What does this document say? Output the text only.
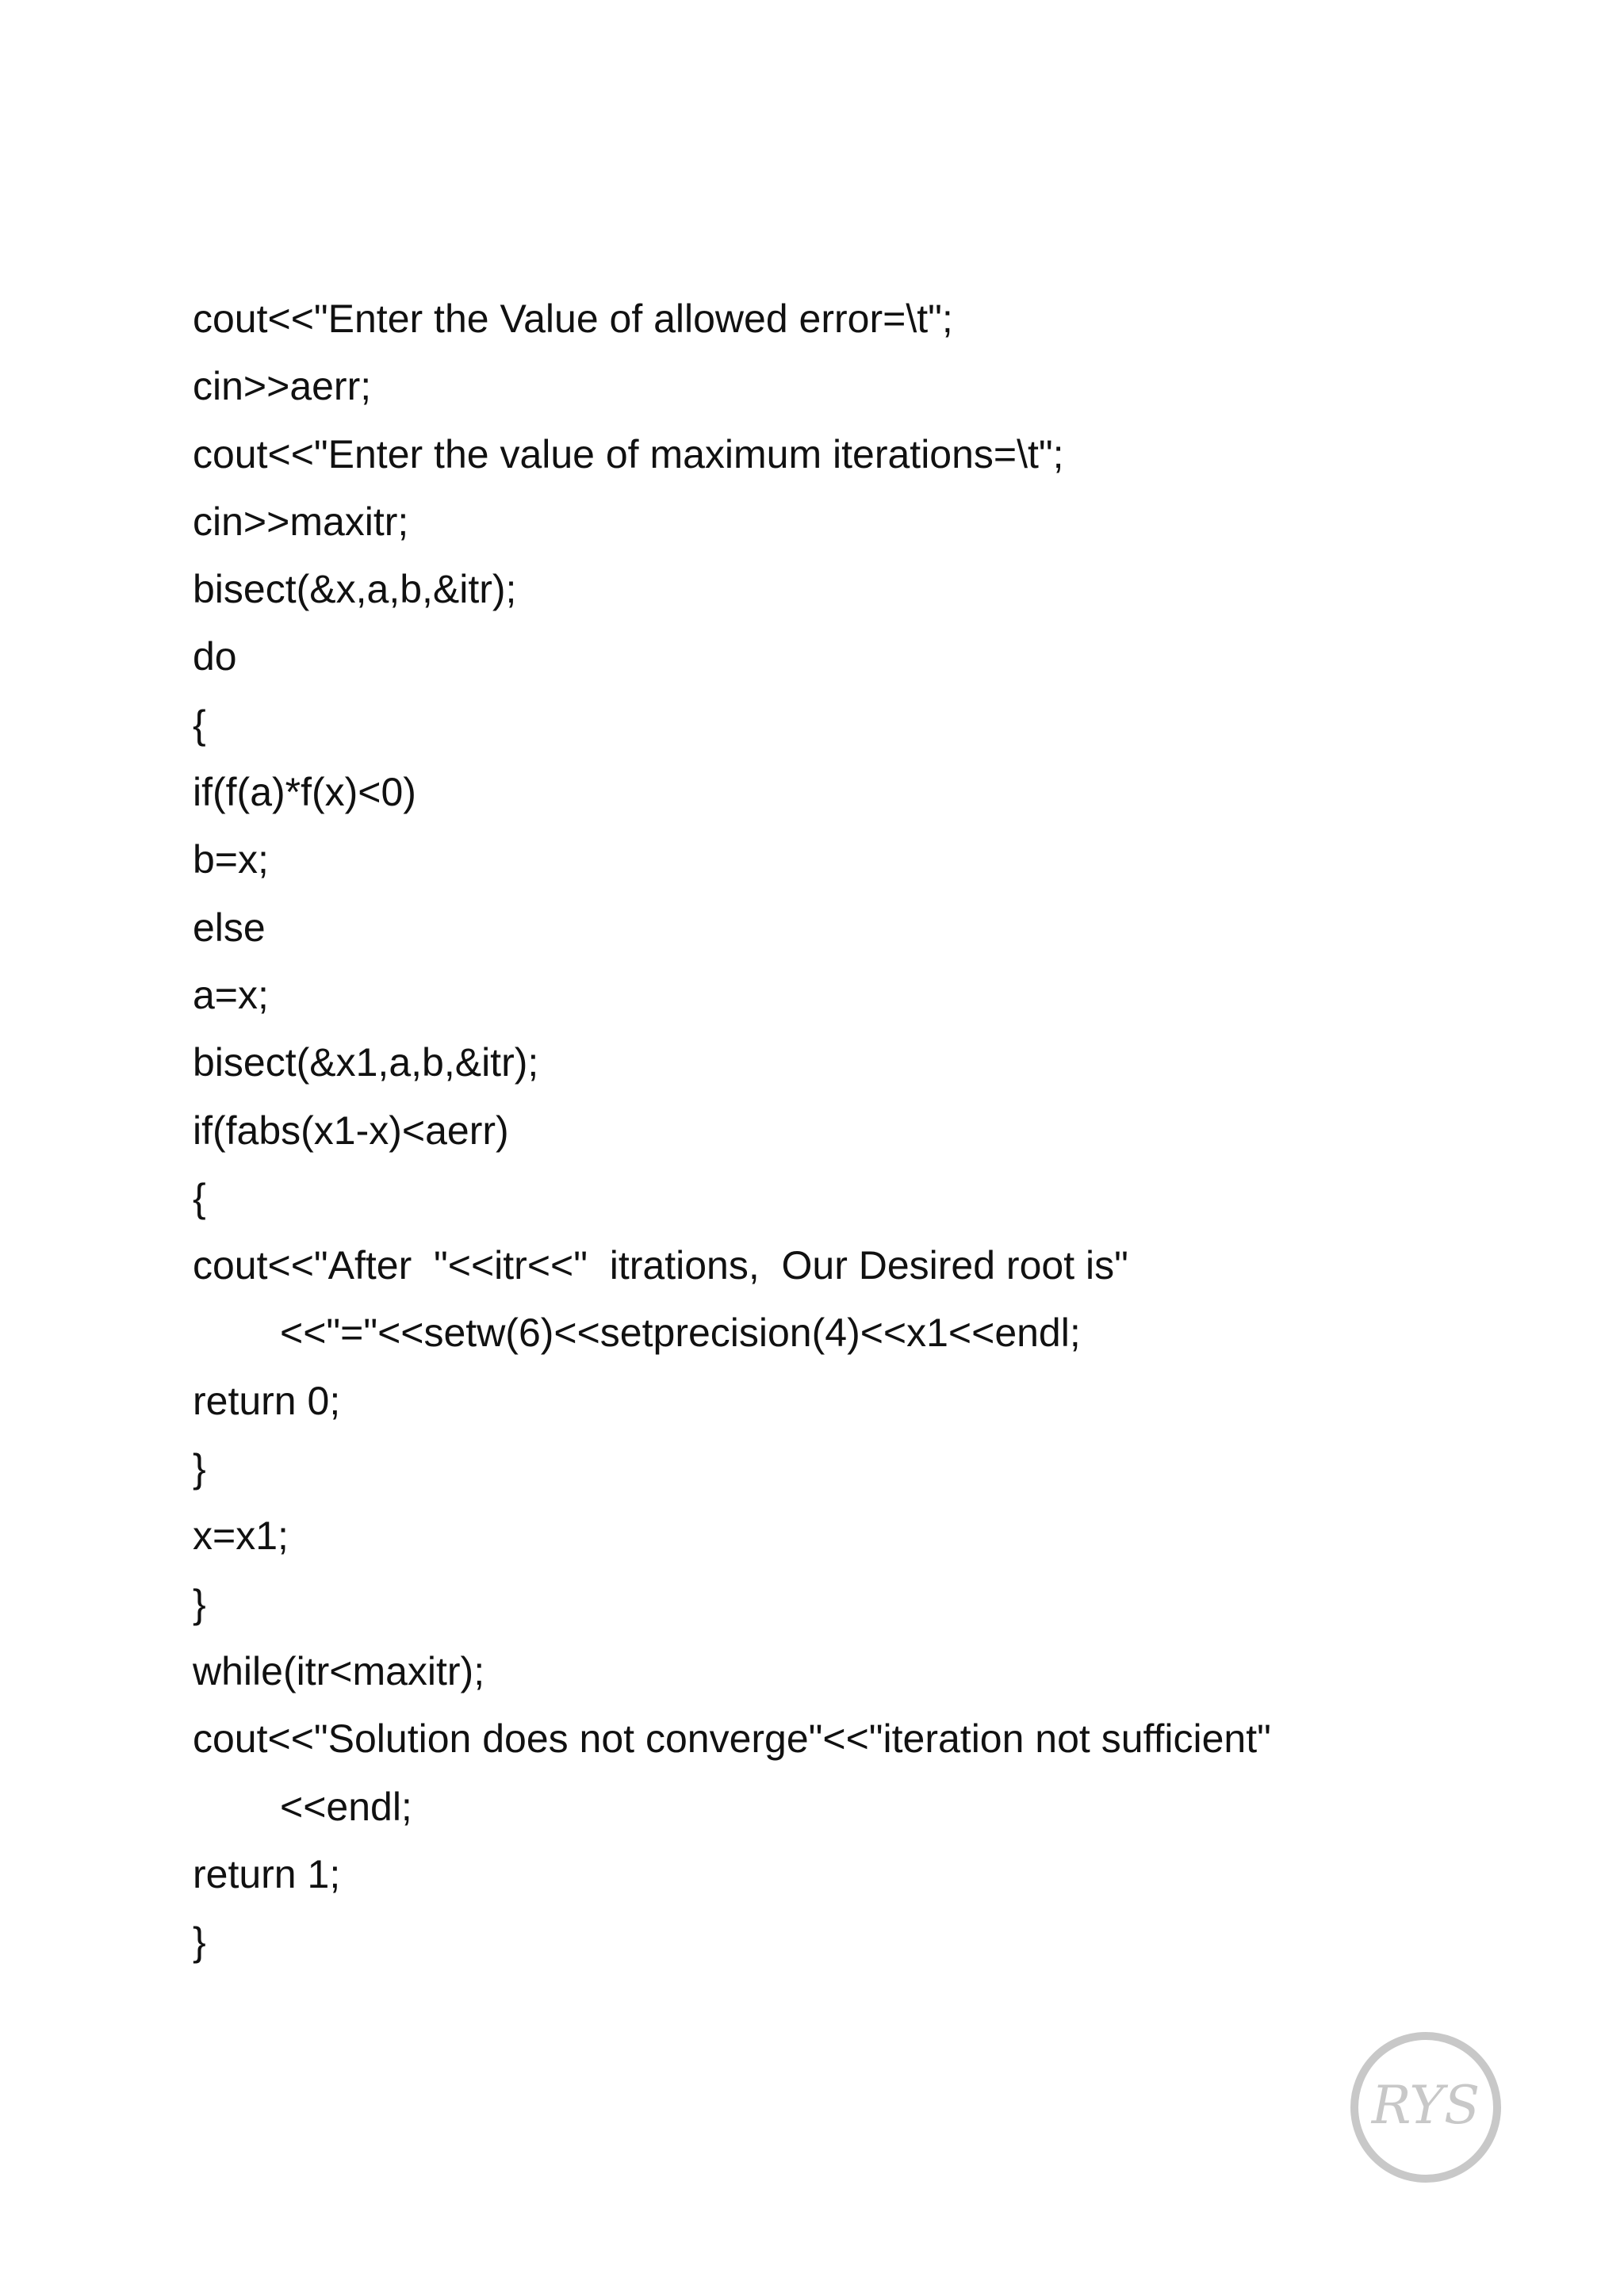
cout<<"Enter the Value of allowed error=\t";
cin>>aerr;
cout<<"Enter the value of maximum iterations=\t";
cin>>maxitr;
bisect(&x,a,b,&itr);
do
{
if(f(a)*f(x)<0)
b=x;
else
a=x;
bisect(&x1,a,b,&itr);
if(fabs(x1-x)<aerr)
{
cout<<"After  "<<itr<<"  itrations,  Our Desired root is"
<<"="<<setw(6)<<setprecision(4)<<x1<<endl;
return 0;
}
x=x1;
}
while(itr<maxitr);
cout<<"Solution does not converge"<<"iteration not sufficient"
<<endl;
return 1;
}
RYS
